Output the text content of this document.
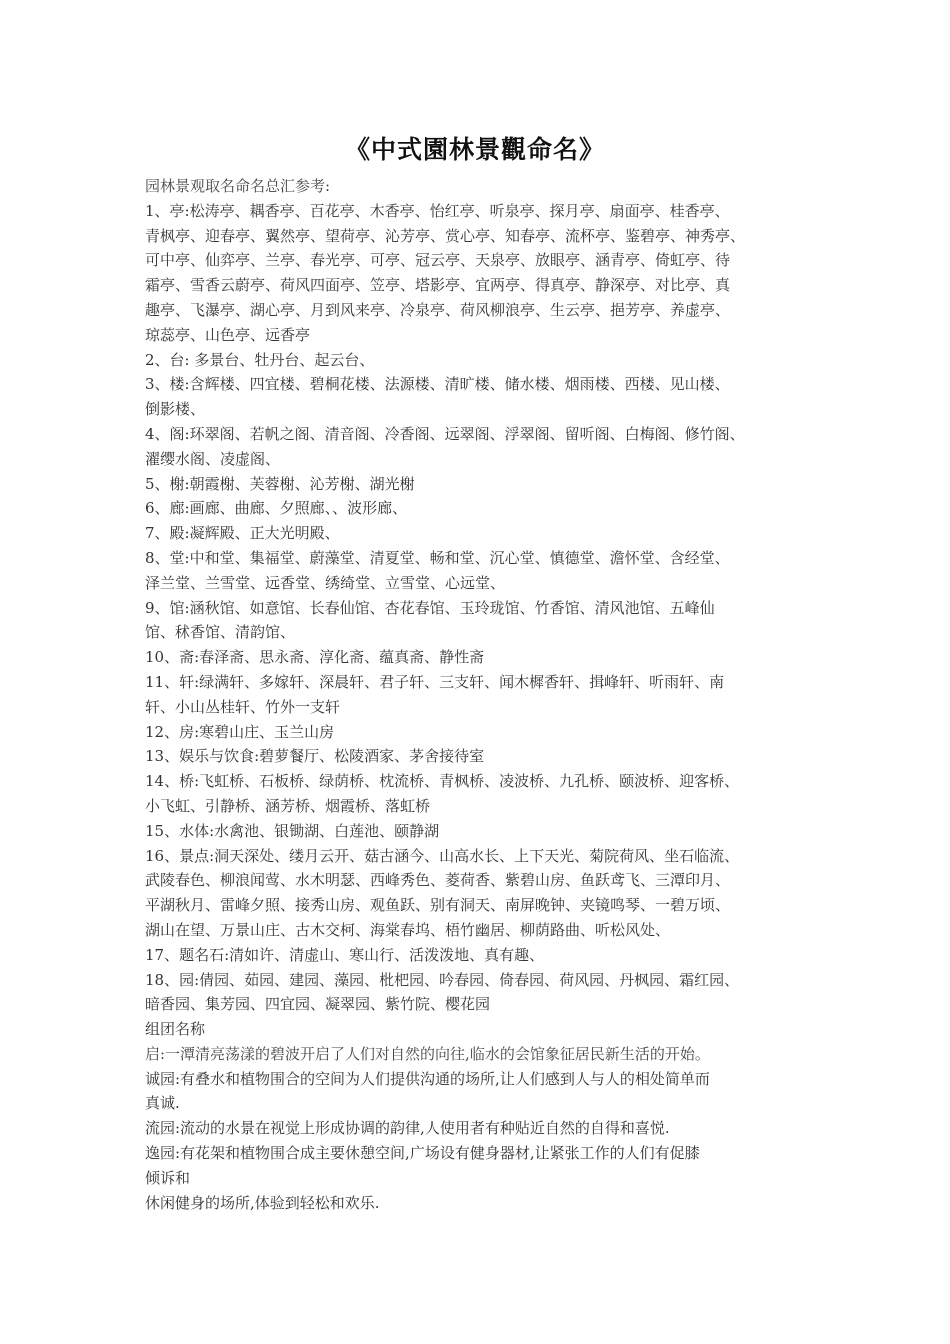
《中式園林景觀命名》
园林景观取名命名总汇参考:
1、亭:松涛亭、耦香亭、百花亭、木香亭、怡红亭、听泉亭、探月亭、扇面亭、桂香亭、
青枫亭、迎春亭、翼然亭、望荷亭、沁芳亭、赏心亭、知春亭、流杯亭、鉴碧亭、神秀亭、
可中亭、仙弈亭、兰亭、春光亭、可亭、冠云亭、天泉亭、放眼亭、涵青亭、倚虹亭、待
霜亭、雪香云蔚亭、荷风四面亭、笠亭、塔影亭、宜两亭、得真亭、静深亭、对比亭、真
趣亭、飞瀑亭、湖心亭、月到风来亭、冷泉亭、荷风柳浪亭、生云亭、挹芳亭、养虚亭、
琼蕊亭、山色亭、远香亭
2、台: 多景台、牡丹台、起云台、
3、楼:含辉楼、四宜楼、碧桐花楼、法源楼、清旷楼、储水楼、烟雨楼、西楼、见山楼、
倒影楼、
4、阁:环翠阁、若帆之阁、清音阁、冷香阁、远翠阁、浮翠阁、留听阁、白梅阁、修竹阁、
濯缨水阁、凌虚阁、
5、榭:朝霞榭、芙蓉榭、沁芳榭、湖光榭
6、廊:画廊、曲廊、夕照廊、、波形廊、
7、殿:凝辉殿、正大光明殿、
8、堂:中和堂、集福堂、蔚藻堂、清夏堂、畅和堂、沉心堂、慎德堂、澹怀堂、含经堂、
泽兰堂、兰雪堂、远香堂、绣绮堂、立雪堂、心远堂、
9、馆:涵秋馆、如意馆、长春仙馆、杏花春馆、玉玲珑馆、竹香馆、清风池馆、五峰仙
馆、秫香馆、清韵馆、
10、斋:春泽斋、思永斋、淳化斋、蕴真斋、静性斋
11、轩:绿满轩、多嫁轩、深晨轩、君子轩、三支轩、闻木樨香轩、揖峰轩、听雨轩、南
轩、小山丛桂轩、竹外一支轩
12、房:寒碧山庄、玉兰山房
13、娱乐与饮食:碧萝餐厅、松陵酒家、茅舍接待室
14、桥:飞虹桥、石板桥、绿荫桥、枕流桥、青枫桥、凌波桥、九孔桥、颐波桥、迎客桥、
小飞虹、引静桥、涵芳桥、烟霞桥、落虹桥
15、水体:水禽池、银锄湖、白莲池、颐静湖
16、景点:洞天深处、缕月云开、菇古涵今、山高水长、上下天光、菊院荷风、坐石临流、
武陵春色、柳浪闻莺、水木明瑟、西峰秀色、菱荷香、紫碧山房、鱼跃鸢飞、三潭印月、
平湖秋月、雷峰夕照、接秀山房、观鱼跃、别有洞天、南屏晚钟、夹镜鸣琴、一碧万顷、
湖山在望、万景山庄、古木交柯、海棠春坞、梧竹幽居、柳荫路曲、听松风处、
17、题名石:清如许、清虚山、寒山行、活泼泼地、真有趣、
18、园:倩园、茹园、建园、藻园、枇杷园、吟春园、倚春园、荷风园、丹枫园、霜红园、
暗香园、集芳园、四宜园、凝翠园、紫竹院、樱花园
组团名称
启:一潭清亮荡漾的碧波开启了人们对自然的向往,临水的会馆象征居民新生活的开始。
诚园:有叠水和植物围合的空间为人们提供沟通的场所,让人们感到人与人的相处简单而
真诚.
流园:流动的水景在视觉上形成协调的韵律,人使用者有种贴近自然的自得和喜悦.
逸园:有花架和植物围合成主要休憩空间,广场设有健身器材,让紧张工作的人们有促膝
倾诉和
休闲健身的场所,体验到轻松和欢乐.
